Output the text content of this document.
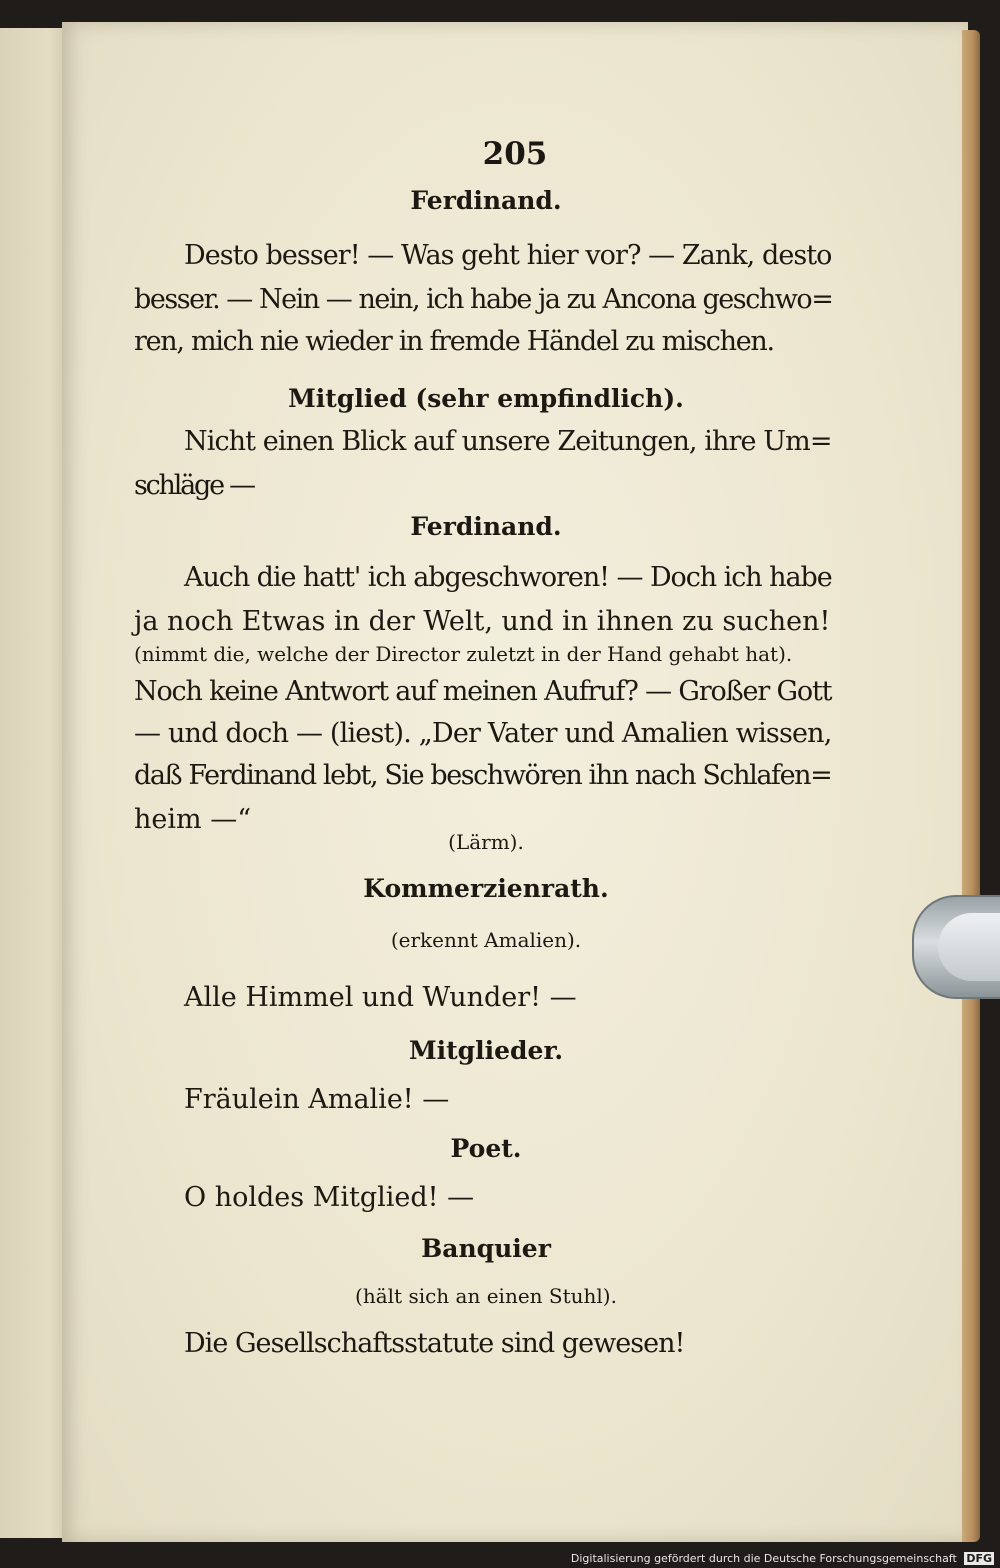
205
Ferdinand.
Desto besser! — Was geht hier vor? — Zank, desto
besser. — Nein — nein, ich habe ja zu Ancona geschwo=
ren, mich nie wieder in fremde Händel zu mischen.
Mitglied (sehr empfindlich).
Nicht einen Blick auf unsere Zeitungen, ihre Um=
schläge —
Ferdinand.
Auch die hatt' ich abgeschworen! — Doch ich habe
ja noch Etwas in der Welt, und in ihnen zu suchen!
(nimmt die, welche der Director zuletzt in der Hand gehabt hat).
Noch keine Antwort auf meinen Aufruf? — Großer Gott
— und doch — (liest). „Der Vater und Amalien wissen,
daß Ferdinand lebt, Sie beschwören ihn nach Schlafen=
heim —“
(Lärm).
Kommerzienrath.
(erkennt Amalien).
Alle Himmel und Wunder! —
Mitglieder.
Fräulein Amalie! —
Poet.
O holdes Mitglied! —
Banquier
(hält sich an einen Stuhl).
Die Gesellschaftsstatute sind gewesen!
Digitalisierung gefördert durch die Deutsche Forschungsgemeinschaft DFG
